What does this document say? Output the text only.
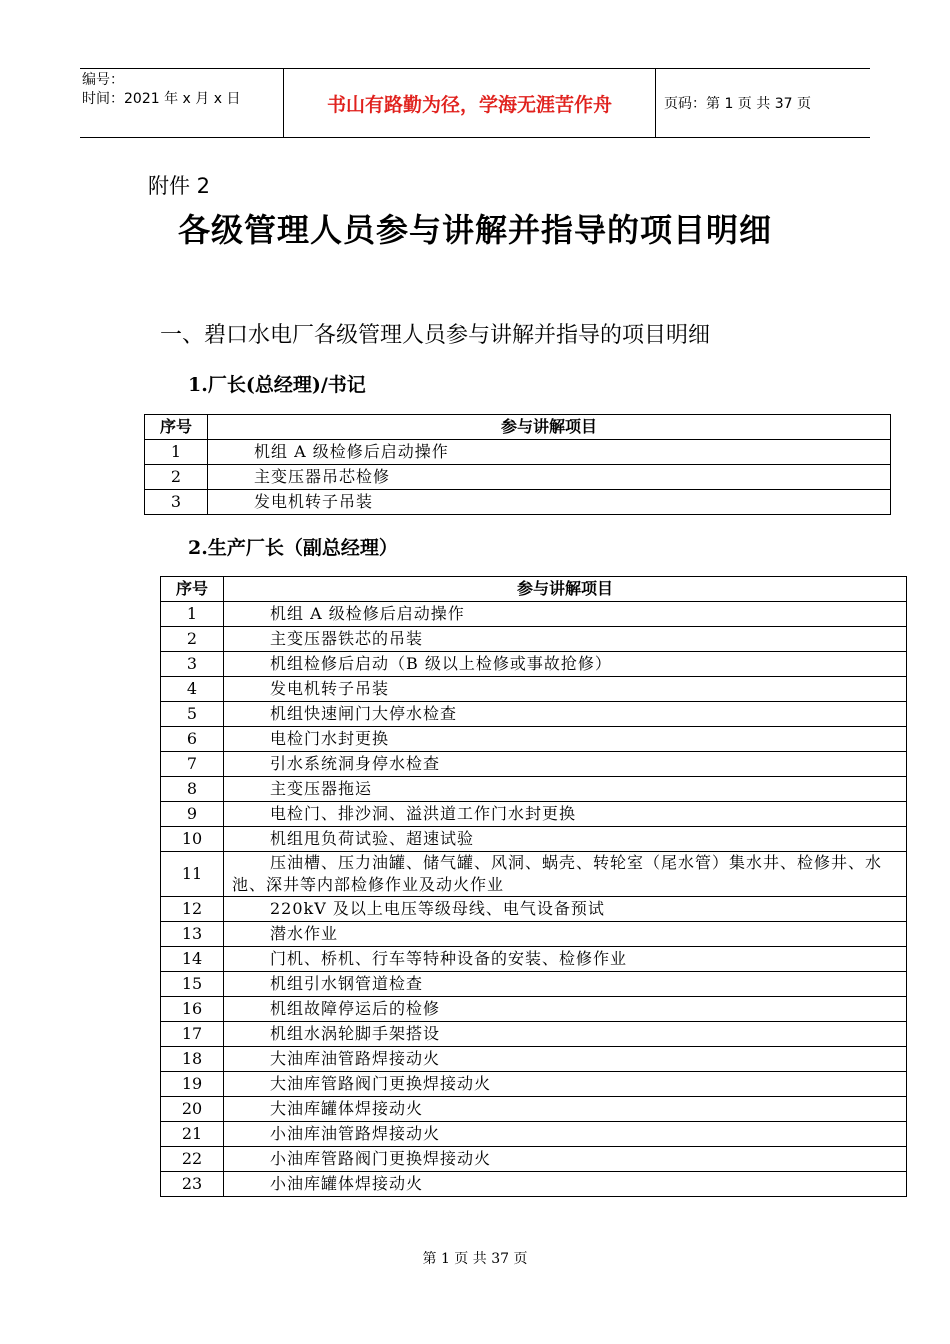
编号：
时间：2021 年 x 月 x 日	书山有路勤为径，学海无涯苦作舟	页码：第 1 页 共 37 页
附件 2
各级管理人员参与讲解并指导的项目明细
一、碧口水电厂各级管理人员参与讲解并指导的项目明细
1.厂长(总经理)/书记
序号	参与讲解项目
1	机组 A 级检修后启动操作
2	主变压器吊芯检修
3	发电机转子吊装
2.生产厂长（副总经理）
序号	参与讲解项目
1	机组 A 级检修后启动操作
2	主变压器铁芯的吊装
3	机组检修后启动（B 级以上检修或事故抢修）
4	发电机转子吊装
5	机组快速闸门大停水检查
6	电检门水封更换
7	引水系统洞身停水检查
8	主变压器拖运
9	电检门、排沙洞、溢洪道工作门水封更换
10	机组甩负荷试验、超速试验
11	压油槽、压力油罐、储气罐、风洞、蜗壳、转轮室（尾水管）集水井、检修井、水池、深井等内部检修作业及动火作业
12	220kV 及以上电压等级母线、电气设备预试
13	潜水作业
14	门机、桥机、行车等特种设备的安装、检修作业
15	机组引水钢管道检查
16	机组故障停运后的检修
17	机组水涡轮脚手架搭设
18	大油库油管路焊接动火
19	大油库管路阀门更换焊接动火
20	大油库罐体焊接动火
21	小油库油管路焊接动火
22	小油库管路阀门更换焊接动火
23	小油库罐体焊接动火
第 1 页 共 37 页
